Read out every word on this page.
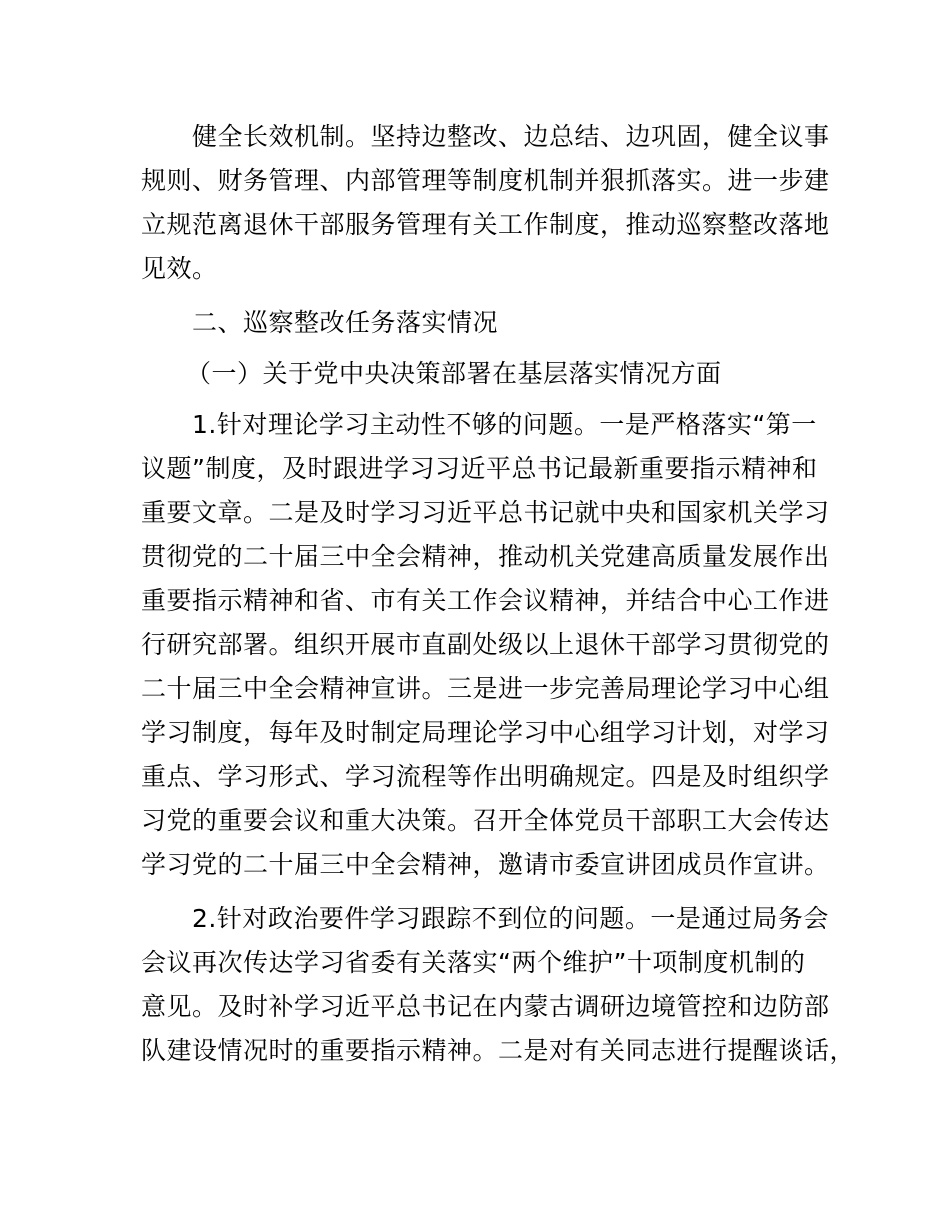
健全长效机制。坚持边整改、边总结、边巩固，健全议事
规则、财务管理、内部管理等制度机制并狠抓落实。进一步建
立规范离退休干部服务管理有关工作制度，推动巡察整改落地
见效。
二、巡察整改任务落实情况
（一）关于党中央决策部署在基层落实情况方面
1.针对理论学习主动性不够的问题。一是严格落实“第一
议题”制度，及时跟进学习习近平总书记最新重要指示精神和
重要文章。二是及时学习习近平总书记就中央和国家机关学习
贯彻党的二十届三中全会精神，推动机关党建高质量发展作出
重要指示精神和省、市有关工作会议精神，并结合中心工作进
行研究部署。组织开展市直副处级以上退休干部学习贯彻党的
二十届三中全会精神宣讲。三是进一步完善局理论学习中心组
学习制度，每年及时制定局理论学习中心组学习计划，对学习
重点、学习形式、学习流程等作出明确规定。四是及时组织学
习党的重要会议和重大决策。召开全体党员干部职工大会传达
学习党的二十届三中全会精神，邀请市委宣讲团成员作宣讲。
2.针对政治要件学习跟踪不到位的问题。一是通过局务会
会议再次传达学习省委有关落实“两个维护”十项制度机制的
意见。及时补学习近平总书记在内蒙古调研边境管控和边防部
队建设情况时的重要指示精神。二是对有关同志进行提醒谈话，
